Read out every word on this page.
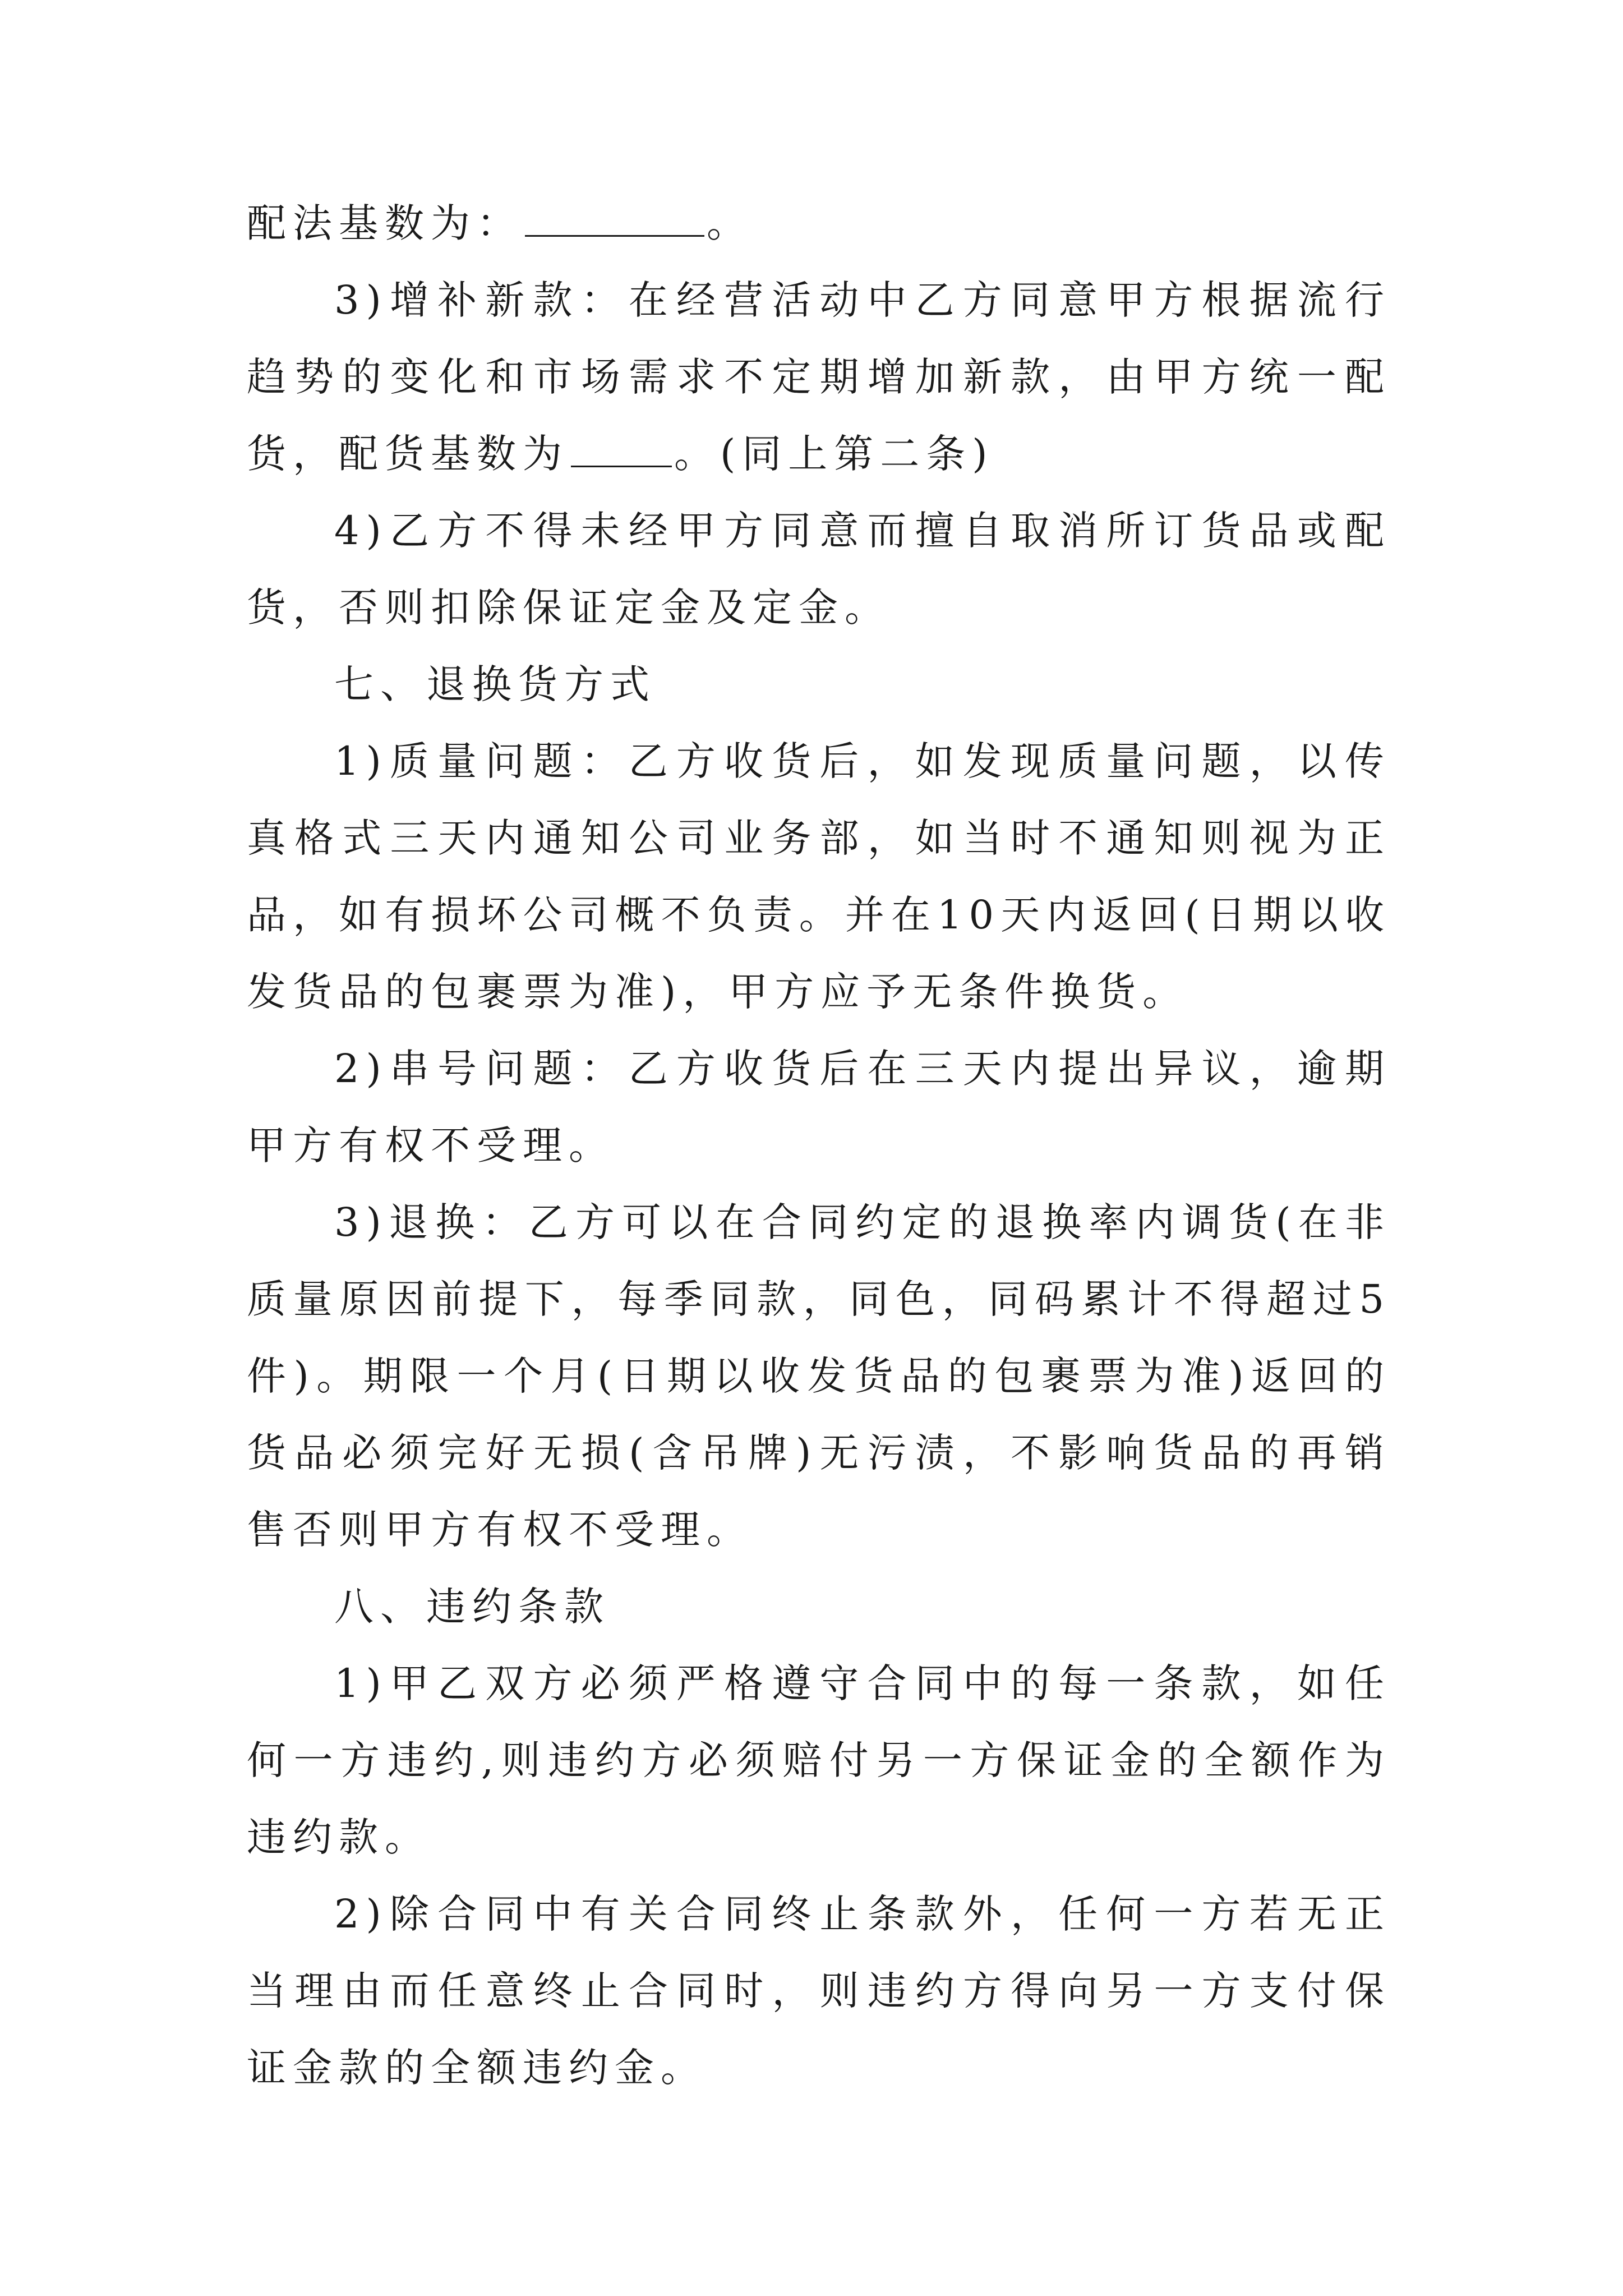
配法基数为：	。

3)增补新款：在经营活动中乙方同意甲方根据流行趋势的变化和市场需求不定期增加新款，由甲方统一配货，配货基数为	。(同上第二条)

4)乙方不得未经甲方同意而擅自取消所订货品或配货，否则扣除保证定金及定金。

七、退换货方式

1)质量问题：乙方收货后，如发现质量问题，以传真格式三天内通知公司业务部，如当时不通知则视为正品，如有损坏公司概不负责。并在10天内返回(日期以收发货品的包裹票为准)，甲方应予无条件换货。

2)串号问题：乙方收货后在三天内提出异议，逾期甲方有权不受理。

3)退换：乙方可以在合同约定的退换率内调货(在非质量原因前提下，每季同款，同色，同码累计不得超过5件)。期限一个月(日期以收发货品的包裹票为准)返回的货品必须完好无损(含吊牌)无污渍，不影响货品的再销售否则甲方有权不受理。

八、违约条款

1)甲乙双方必须严格遵守合同中的每一条款，如任何一方违约,则违约方必须赔付另一方保证金的全额作为违约款。

2)除合同中有关合同终止条款外，任何一方若无正当理由而任意终止合同时，则违约方得向另一方支付保证金款的全额违约金。
